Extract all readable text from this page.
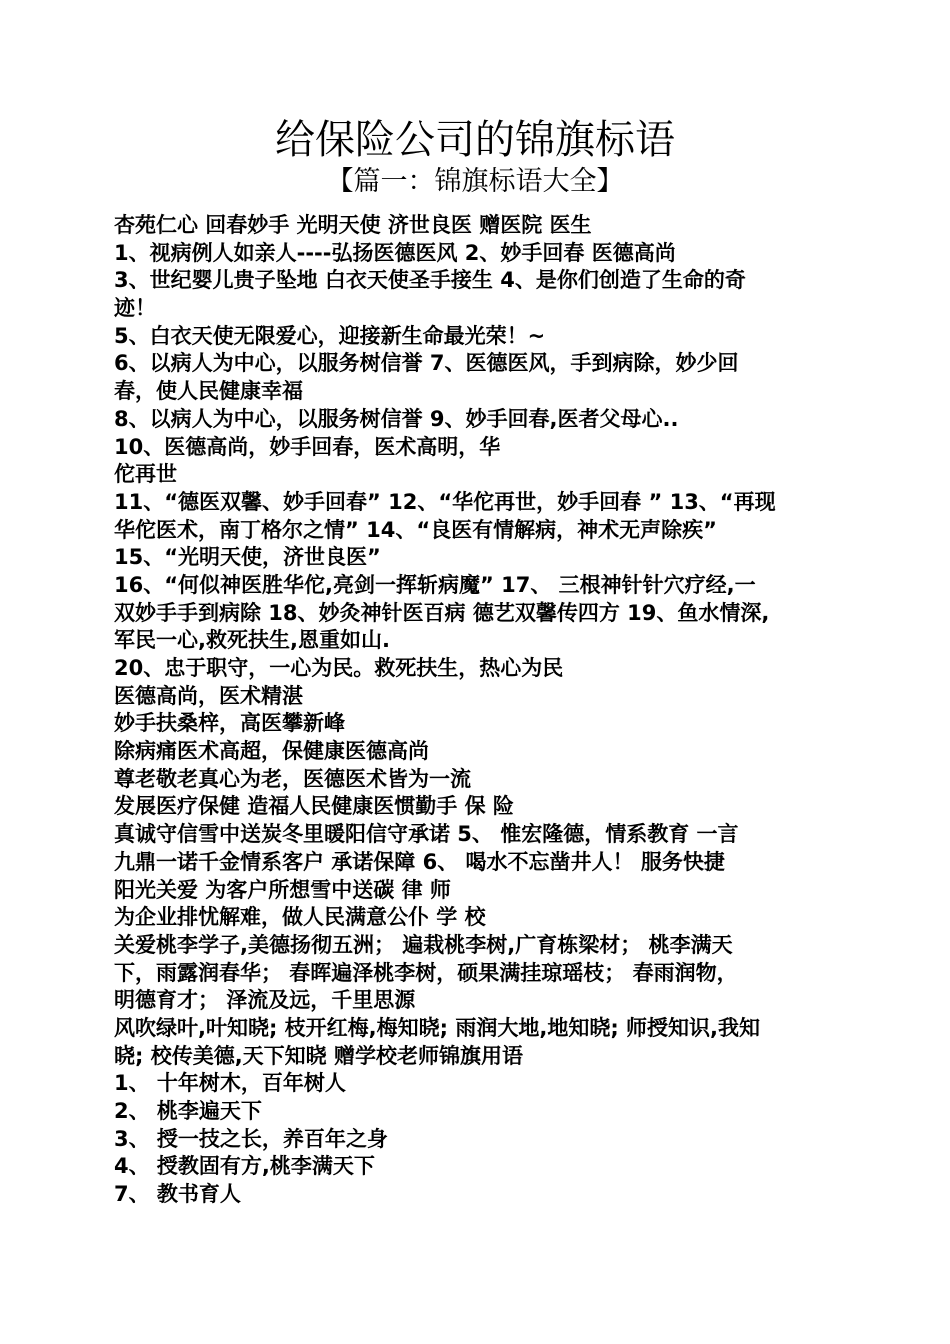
给保险公司的锦旗标语
【篇一：锦旗标语大全】
杏苑仁心 回春妙手 光明天使 济世良医 赠医院 医生
1、视病例人如亲人----弘扬医德医风 2、妙手回春 医德高尚
3、世纪婴儿贵子坠地 白衣天使圣手接生 4、是你们创造了生命的奇
迹！
5、白衣天使无限爱心，迎接新生命最光荣！~
6、以病人为中心，以服务树信誉 7、医德医风，手到病除，妙少回
春，使人民健康幸福
8、以病人为中心，以服务树信誉 9、妙手回春,医者父母心..
10、医德高尚，妙手回春，医术高明，华
佗再世
11、“德医双馨、妙手回春” 12、“华佗再世，妙手回春 ” 13、“再现
华佗医术，南丁格尔之情” 14、“良医有情解病，神术无声除疾”
15、“光明天使，济世良医”
16、“何似神医胜华佗,亮剑一挥斩病魔” 17、 三根神针针穴疗经,一
双妙手手到病除 18、妙灸神针医百病 德艺双馨传四方 19、鱼水情深,
军民一心,救死扶生,恩重如山.
20、忠于职守，一心为民。救死扶生，热心为民
医德高尚，医术精湛
妙手扶桑梓，高医攀新峰
除病痛医术高超，保健康医德高尚
尊老敬老真心为老，医德医术皆为一流
发展医疗保健 造福人民健康医惯勤手 保 险
真诚守信雪中送炭冬里暖阳信守承诺 5、 惟宏隆德，情系教育 一言
九鼎一诺千金情系客户 承诺保障 6、 喝水不忘凿井人！ 服务快捷
阳光关爱 为客户所想雪中送碳 律 师
为企业排忧解难，做人民满意公仆 学 校
关爱桃李学子,美德扬彻五洲； 遍栽桃李树,广育栋梁材； 桃李满天
下，雨露润春华； 春晖遍泽桃李树，硕果满挂琼瑶枝； 春雨润物，
明德育才； 泽流及远，千里思源
风吹绿叶,叶知晓; 枝开红梅,梅知晓; 雨润大地,地知晓; 师授知识,我知
晓; 校传美德,天下知晓 赠学校老师锦旗用语
1、 十年树木，百年树人
2、 桃李遍天下
3、 授一技之长，养百年之身
4、 授教固有方,桃李满天下
7、 教书育人
